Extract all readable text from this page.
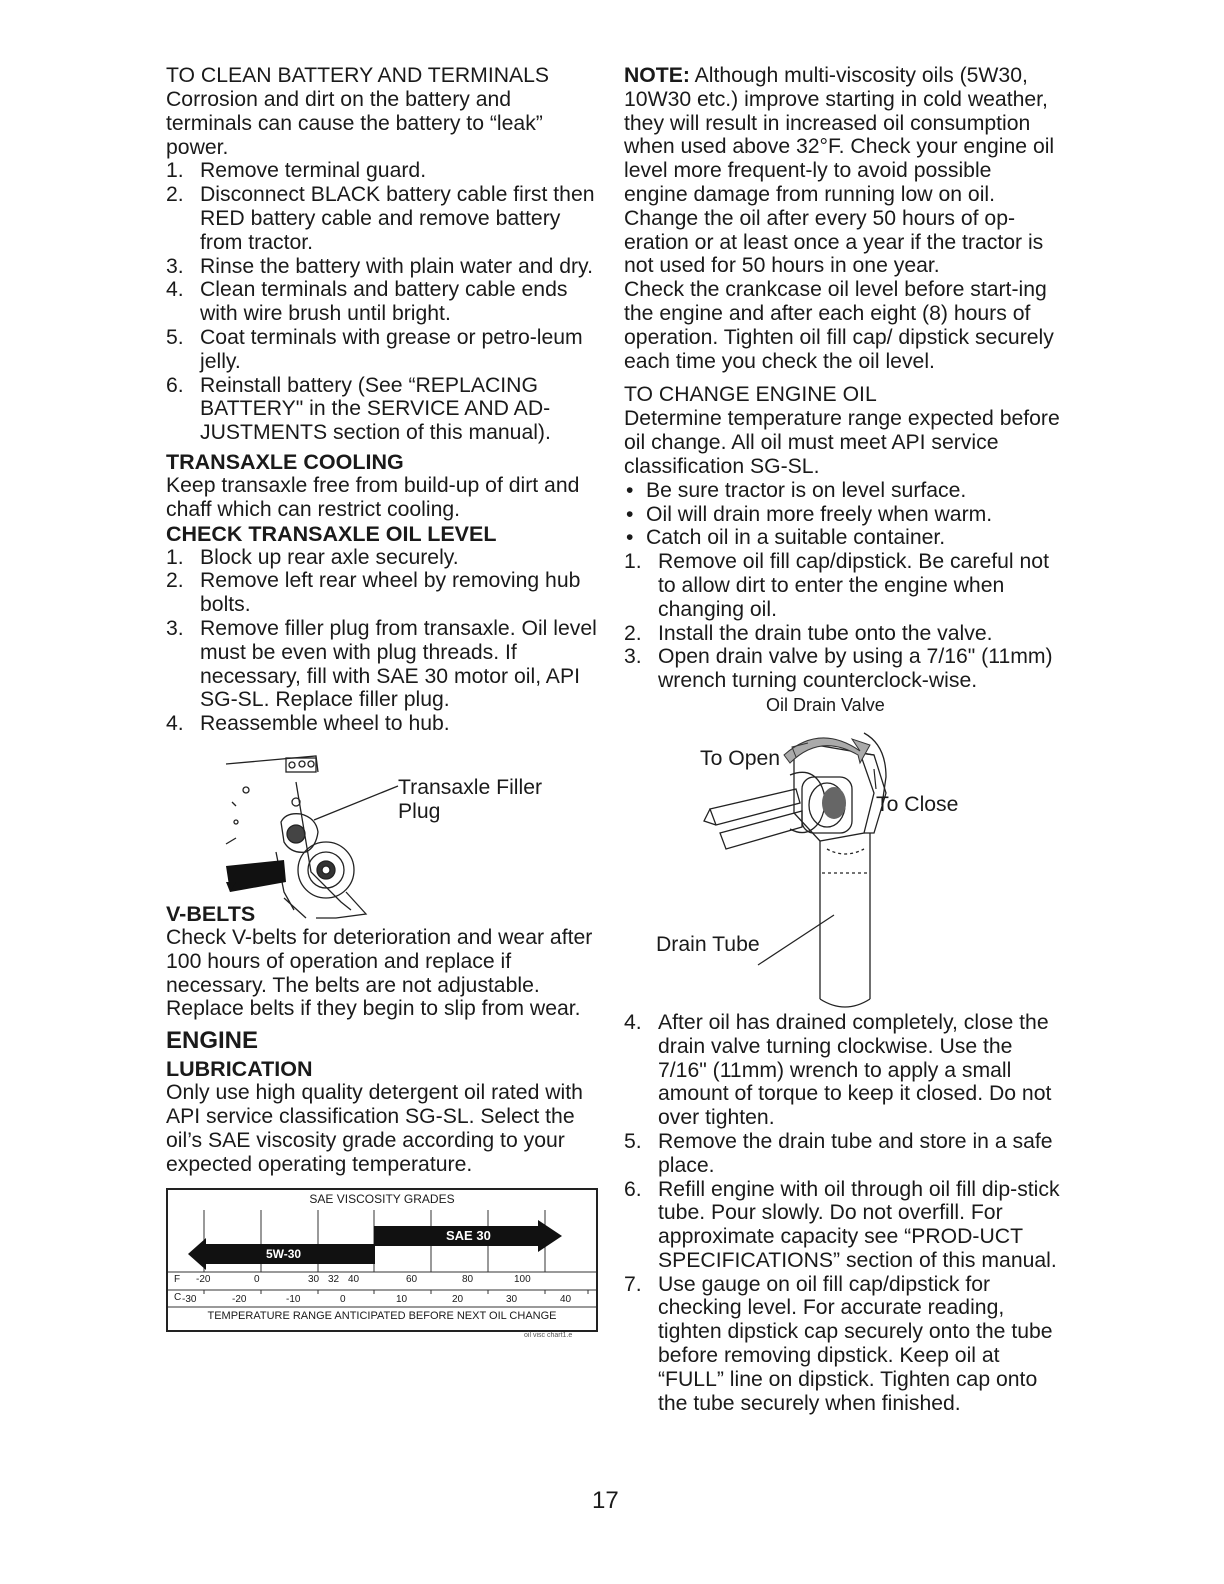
TO CLEAN BATTERY AND TERMINALS

Corrosion and dirt on the battery and terminals can cause the battery to “leak” power.

1. Remove terminal guard.
2. Disconnect BLACK battery cable first then RED battery cable and remove battery from tractor.
3. Rinse the battery with plain water and dry.
4. Clean terminals and battery cable ends with wire brush until bright.
5. Coat terminals with grease or petro-leum jelly.
6. Reinstall battery (See “REPLACING BATTERY" in the SERVICE AND AD-JUSTMENTS section of this manual).

TRANSAXLE COOLING

Keep transaxle free from build-up of dirt and chaff which can restrict cooling.

CHECK TRANSAXLE OIL LEVEL

1. Block up rear axle securely.
2. Remove left rear wheel by removing hub bolts.
3. Remove filler plug from transaxle. Oil level must be even with plug threads. If necessary, fill with SAE 30 motor oil, API SG-SL. Replace filler plug.
4. Reassemble wheel to hub.
Transaxle Filler
Plug

V-BELTS

Check V-belts for deterioration and wear after 100 hours of operation and replace if necessary. The belts are not adjustable. Replace belts if they begin to slip from wear.

ENGINE

LUBRICATION

Only use high quality detergent oil rated with API service classification SG-SL. Select the oil’s SAE viscosity grade according to your expected operating temperature.

SAE VISCOSITY GRADES
SAE 30
5W-30
F
C
-20	0	30 32 40	60	80	100
-30	-20	-10	0	10	20	30	40
TEMPERATURE RANGE ANTICIPATED BEFORE NEXT OIL CHANGE
oil visc chart1.e

NOTE: Although multi-viscosity oils (5W30, 10W30 etc.) improve starting in cold weather, they will result in increased oil consumption when used above 32°F. Check your engine oil level more frequent-ly to avoid possible engine damage from running low on oil.

Change the oil after every 50 hours of op-eration or at least once a year if the tractor is not used for 50 hours in one year.

Check the crankcase oil level before start-ing the engine and after each eight (8) hours of operation. Tighten oil fill cap/ dipstick securely each time you check the oil level.

TO CHANGE ENGINE OIL

Determine temperature range expected before oil change. All oil must meet API service classification SG-SL.

• Be sure tractor is on level surface.
• Oil will drain more freely when warm.
• Catch oil in a suitable container.
1. Remove oil fill cap/dipstick. Be careful not to allow dirt to enter the engine when changing oil.
2. Install the drain tube onto the valve.
3. Open drain valve by using a 7/16" (11mm) wrench turning counterclock-wise.
Oil Drain Valve
To Open
To Close
Drain Tube
4. After oil has drained completely, close the drain valve turning clockwise. Use the 7/16" (11mm) wrench to apply a small amount of torque to keep it closed. Do not over tighten.
5. Remove the drain tube and store in a safe place.
6. Refill engine with oil through oil fill dip-stick tube. Pour slowly. Do not overfill. For approximate capacity see “PROD-UCT SPECIFICATIONS” section of this manual.
7. Use gauge on oil fill cap/dipstick for checking level. For accurate reading, tighten dipstick cap securely onto the tube before removing dipstick. Keep oil at “FULL” line on dipstick. Tighten cap onto the tube securely when finished.
17
